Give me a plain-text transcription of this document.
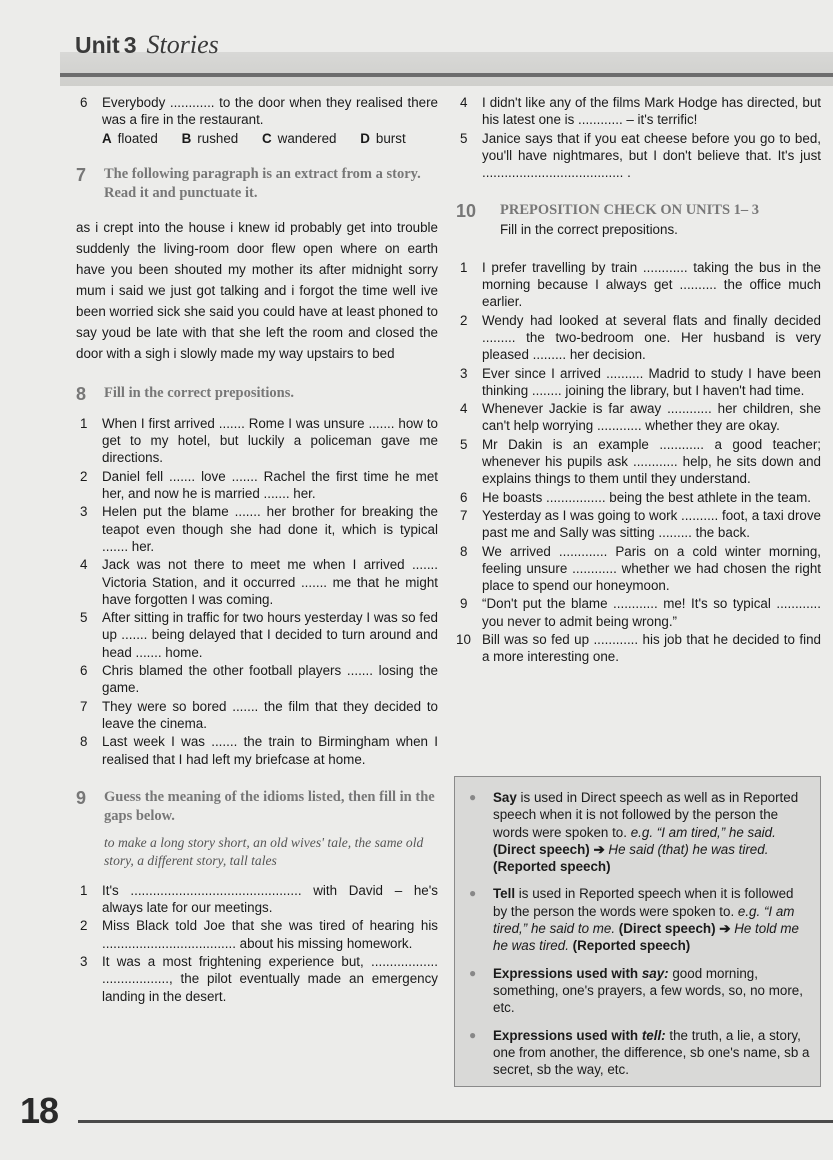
Unit 3 Stories
6	Everybody ............ to the door when they realised there was a fire in the restaurant.
A floated B rushed C wandered D burst
7	The following paragraph is an extract from a story. Read it and punctuate it.
as i crept into the house i knew id probably get into trouble suddenly the living-room door flew open where on earth have you been shouted my mother its after midnight sorry mum i said we just got talking and i forgot the time well ive been worried sick she said you could have at least phoned to say youd be late with that she left the room and closed the door with a sigh i slowly made my way upstairs to bed
8	Fill in the correct prepositions.
1	When I first arrived ....... Rome I was unsure ....... how to get to my hotel, but luckily a policeman gave me directions.
2	Daniel fell ....... love ....... Rachel the first time he met her, and now he is married ....... her.
3	Helen put the blame ....... her brother for breaking the teapot even though she had done it, which is typical ....... her.
4	Jack was not there to meet me when I arrived ....... Victoria Station, and it occurred ....... me that he might have forgotten I was coming.
5	After sitting in traffic for two hours yesterday I was so fed up ....... being delayed that I decided to turn around and head ....... home.
6	Chris blamed the other football players ....... losing the game.
7	They were so bored ....... the film that they decided to leave the cinema.
8	Last week I was ....... the train to Birmingham when I realised that I had left my briefcase at home.
9	Guess the meaning of the idioms listed, then fill in the gaps below.
to make a long story short, an old wives' tale, the same old story, a different story, tall tales
1	It's .............................................. with David – he's always late for our meetings.
2	Miss Black told Joe that she was tired of hearing his .................................... about his missing homework.
3	It was a most frightening experience but, .................. .................., the pilot eventually made an emergency landing in the desert.
4	I didn't like any of the films Mark Hodge has directed, but his latest one is ............ – it's terrific!
5	Janice says that if you eat cheese before you go to bed, you'll have nightmares, but I don't believe that. It's just ...................................... .
10	PREPOSITION CHECK ON UNITS 1– 3
Fill in the correct prepositions.
1	I prefer travelling by train ............ taking the bus in the morning because I always get .......... the office much earlier.
2	Wendy had looked at several flats and finally decided ......... the two-bedroom one. Her husband is very pleased ......... her decision.
3	Ever since I arrived .......... Madrid to study I have been thinking ........ joining the library, but I haven't had time.
4	Whenever Jackie is far away ............ her children, she can't help worrying ............ whether they are okay.
5	Mr Dakin is an example ............ a good teacher; whenever his pupils ask ............ help, he sits down and explains things to them until they understand.
6	He boasts ................ being the best athlete in the team.
7	Yesterday as I was going to work .......... foot, a taxi drove past me and Sally was sitting ......... the back.
8	We arrived ............. Paris on a cold winter morning, feeling unsure ............ whether we had chosen the right place to spend our honeymoon.
9	“Don't put the blame ............ me! It's so typical ............ you never to admit being wrong.”
10 Bill was so fed up ............ his job that he decided to find a more interesting one.
●	Say is used in Direct speech as well as in Reported speech when it is not followed by the person the words were spoken to. e.g. “I am tired,” he said. (Direct speech) ➔ He said (that) he was tired. (Reported speech)
●	Tell is used in Reported speech when it is followed by the person the words were spoken to. e.g. “I am tired,” he said to me. (Direct speech) ➔ He told me he was tired. (Reported speech)
●	Expressions used with say: good morning, something, one's prayers, a few words, so, no more, etc.
●	Expressions used with tell: the truth, a lie, a story, one from another, the difference, sb one's name, sb a secret, sb the way, etc.
18
